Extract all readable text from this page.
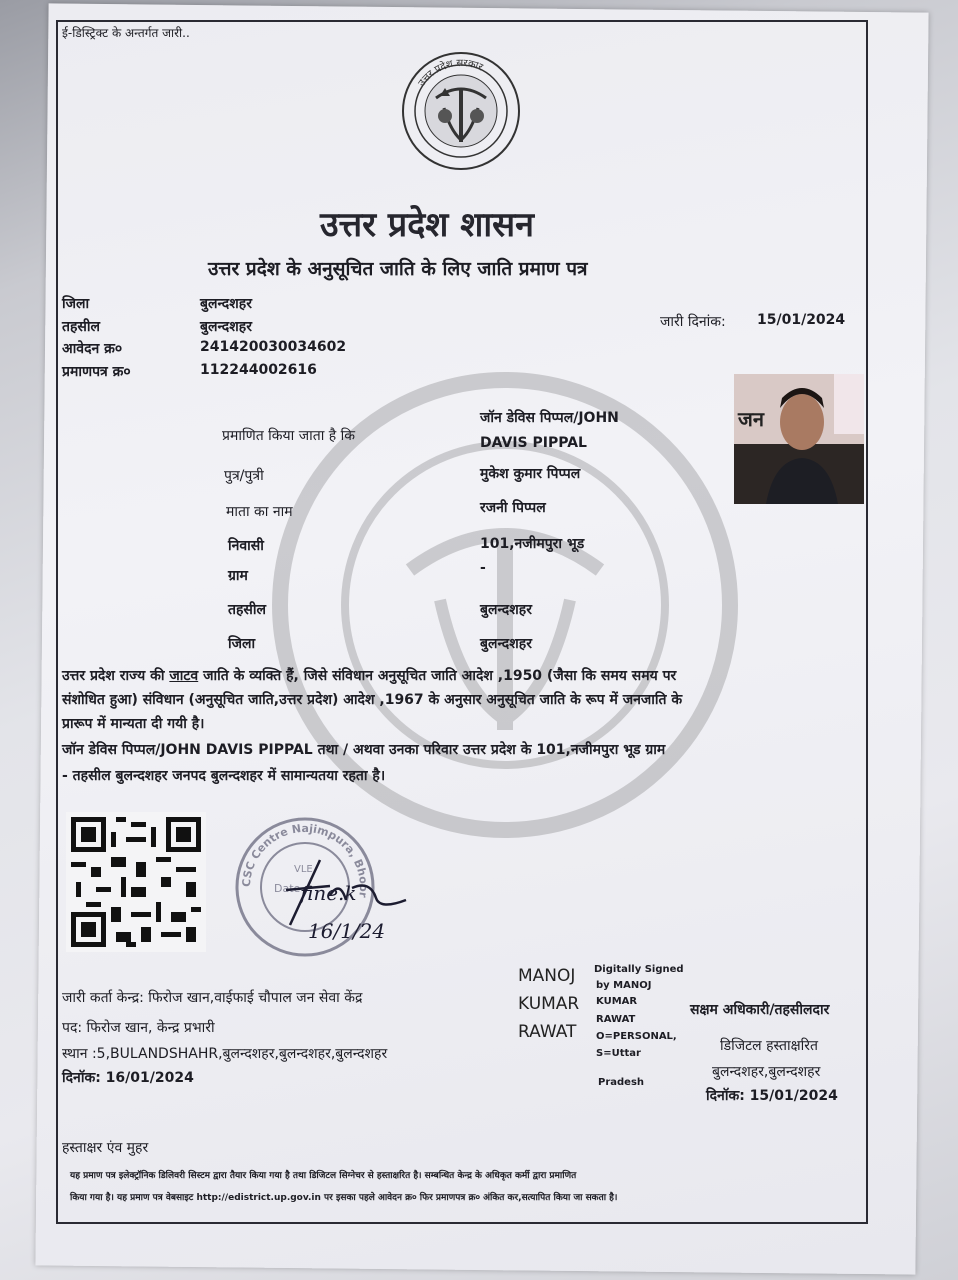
ई-डिस्ट्रिक्ट के अन्तर्गत जारी..
उत्तर प्रदेश सरकार
उत्तर प्रदेश शासन
उत्तर प्रदेश के अनुसूचित जाति के लिए जाति प्रमाण पत्र
जिला	बुलन्दशहर
तहसील	बुलन्दशहर
आवेदन क्र०	241420030034602
प्रमाणपत्र क्र०	112244002616
जारी दिनांक: 15/01/2024
जन
प्रमाणित किया जाता है कि
जॉन डेविस पिप्पल/JOHN
DAVIS PIPPAL
पुत्र/पुत्री	मुकेश कुमार पिप्पल
माता का नाम	रजनी पिप्पल
निवासी	101,नजीमपुरा भूड
ग्राम	-
तहसील	बुलन्दशहर
जिला	बुलन्दशहर
उत्तर प्रदेश राज्य की जाटव जाति के व्यक्ति हैं, जिसे संविधान अनुसूचित जाति आदेश ,1950 (जैसा कि समय समय पर
संशोधित हुआ) संविधान (अनुसूचित जाति,उत्तर प्रदेश) आदेश ,1967 के अनुसार अनुसूचित जाति के रूप में जनजाति के
प्रारूप में मान्यता दी गयी है।
जॉन डेविस पिप्पल/JOHN DAVIS PIPPAL तथा / अथवा उनका परिवार उत्तर प्रदेश के 101,नजीमपुरा भूड ग्राम
- तहसील बुलन्दशहर जनपद बुलन्दशहर में सामान्यतया रहता है।
CSC Centre Najimpura, Bhoor
VLE
Date fine.k
16/1/24
जारी कर्ता केन्द्र: फिरोज खान,वाईफाई चौपाल जन सेवा केंद्र
पद: फिरोज खान, केन्द्र प्रभारी
स्थान :5,BULANDSHAHR,बुलन्दशहर,बुलन्दशहर,बुलन्दशहर
दिनॉक: 16/01/2024
MANOJ
KUMAR
RAWAT
Digitally Signed
by MANOJ
KUMAR
RAWAT
O=PERSONAL,
S=Uttar
Pradesh
सक्षम अधिकारी/तहसीलदार
डिजिटल हस्ताक्षरित
बुलन्दशहर,बुलन्दशहर
दिनॉक: 15/01/2024
हस्ताक्षर एंव मुहर
यह प्रमाण पत्र इलेक्ट्रॉनिक डिलिवरी सिस्टम द्वारा तैयार किया गया है तथा डिजिटल सिग्नेचर से हस्ताक्षरित है। सम्बन्धित केन्द्र के अधिकृत कर्मी द्वारा प्रमाणित
किया गया है। यह प्रमाण पत्र वेबसाइट http://edistrict.up.gov.in पर इसका पहले आवेदन क्र० फिर प्रमाणपत्र क्र० अंकित कर,सत्यापित किया जा सकता है।
